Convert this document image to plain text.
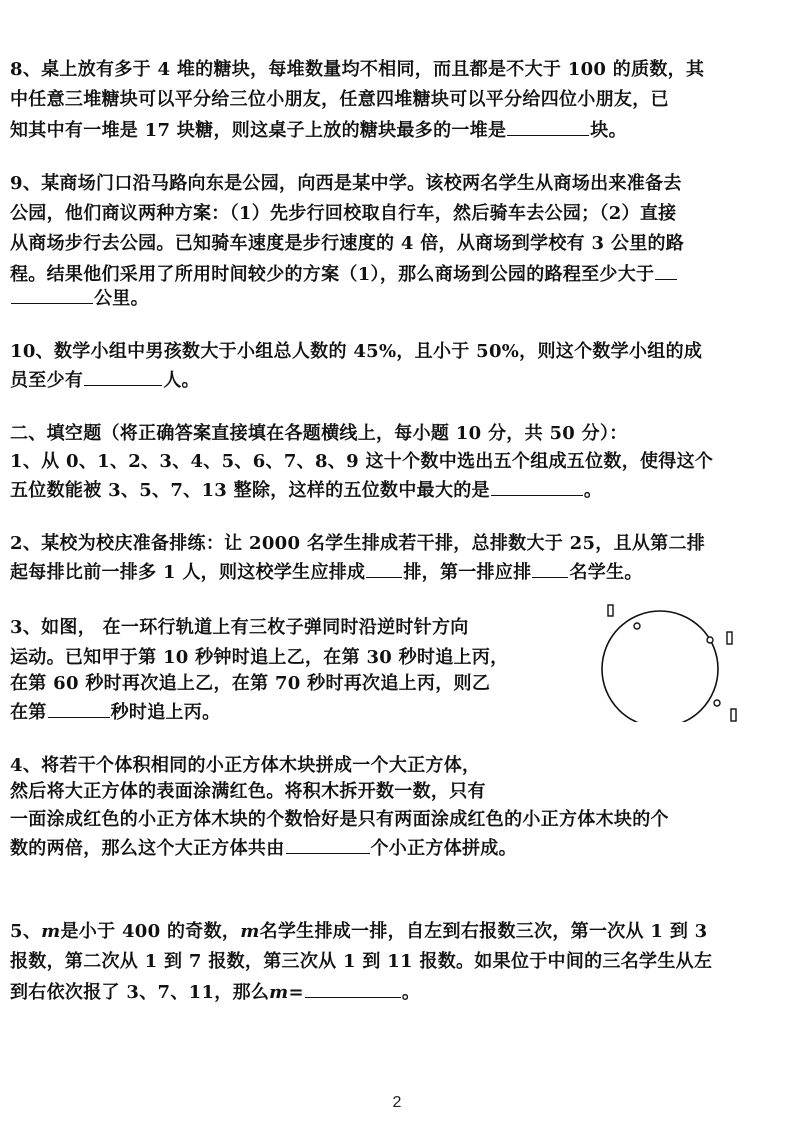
8、桌上放有多于 4 堆的糖块，每堆数量均不相同，而且都是不大于 100 的质数，其
中任意三堆糖块可以平分给三位小朋友，任意四堆糖块可以平分给四位小朋友，已
知其中有一堆是 17 块糖，则这桌子上放的糖块最多的一堆是	块。
9、某商场门口沿马路向东是公园，向西是某中学。该校两名学生从商场出来准备去
公园，他们商议两种方案：（1）先步行回校取自行车，然后骑车去公园；（2）直接
从商场步行去公园。已知骑车速度是步行速度的 4 倍，从商场到学校有 3 公里的路
程。结果他们采用了所用时间较少的方案（1），那么商场到公园的路程至少大于
公里。
10、数学小组中男孩数大于小组总人数的 45%，且小于 50%，则这个数学小组的成
员至少有	人。
二、填空题（将正确答案直接填在各题横线上，每小题 10 分，共 50 分）：
1、从 0、1、2、3、4、5、6、7、8、9 这十个数中选出五个组成五位数，使得这个
五位数能被 3、5、7、13 整除，这样的五位数中最大的是	。
2、某校为校庆准备排练：让 2000 名学生排成若干排，总排数大于 25，且从第二排
起每排比前一排多 1 人，则这校学生应排成 排，第一排应排 名学生。
3、如图， 在一环行轨道上有三枚子弹同时沿逆时针方向
运动。已知甲于第 10 秒钟时追上乙，在第 30 秒时追上丙，
在第 60 秒时再次追上乙，在第 70 秒时再次追上丙，则乙
在第	秒时追上丙。
4、将若干个体积相同的小正方体木块拼成一个大正方体，
然后将大正方体的表面涂满红色。将积木拆开数一数，只有
一面涂成红色的小正方体木块的个数恰好是只有两面涂成红色的小正方体木块的个
数的两倍，那么这个大正方体共由	个小正方体拼成。
5、m是小于 400 的奇数，m名学生排成一排，自左到右报数三次，第一次从 1 到 3
报数，第二次从 1 到 7 报数，第三次从 1 到 11 报数。如果位于中间的三名学生从左
到右依次报了 3、7、11，那么m=	。
2
